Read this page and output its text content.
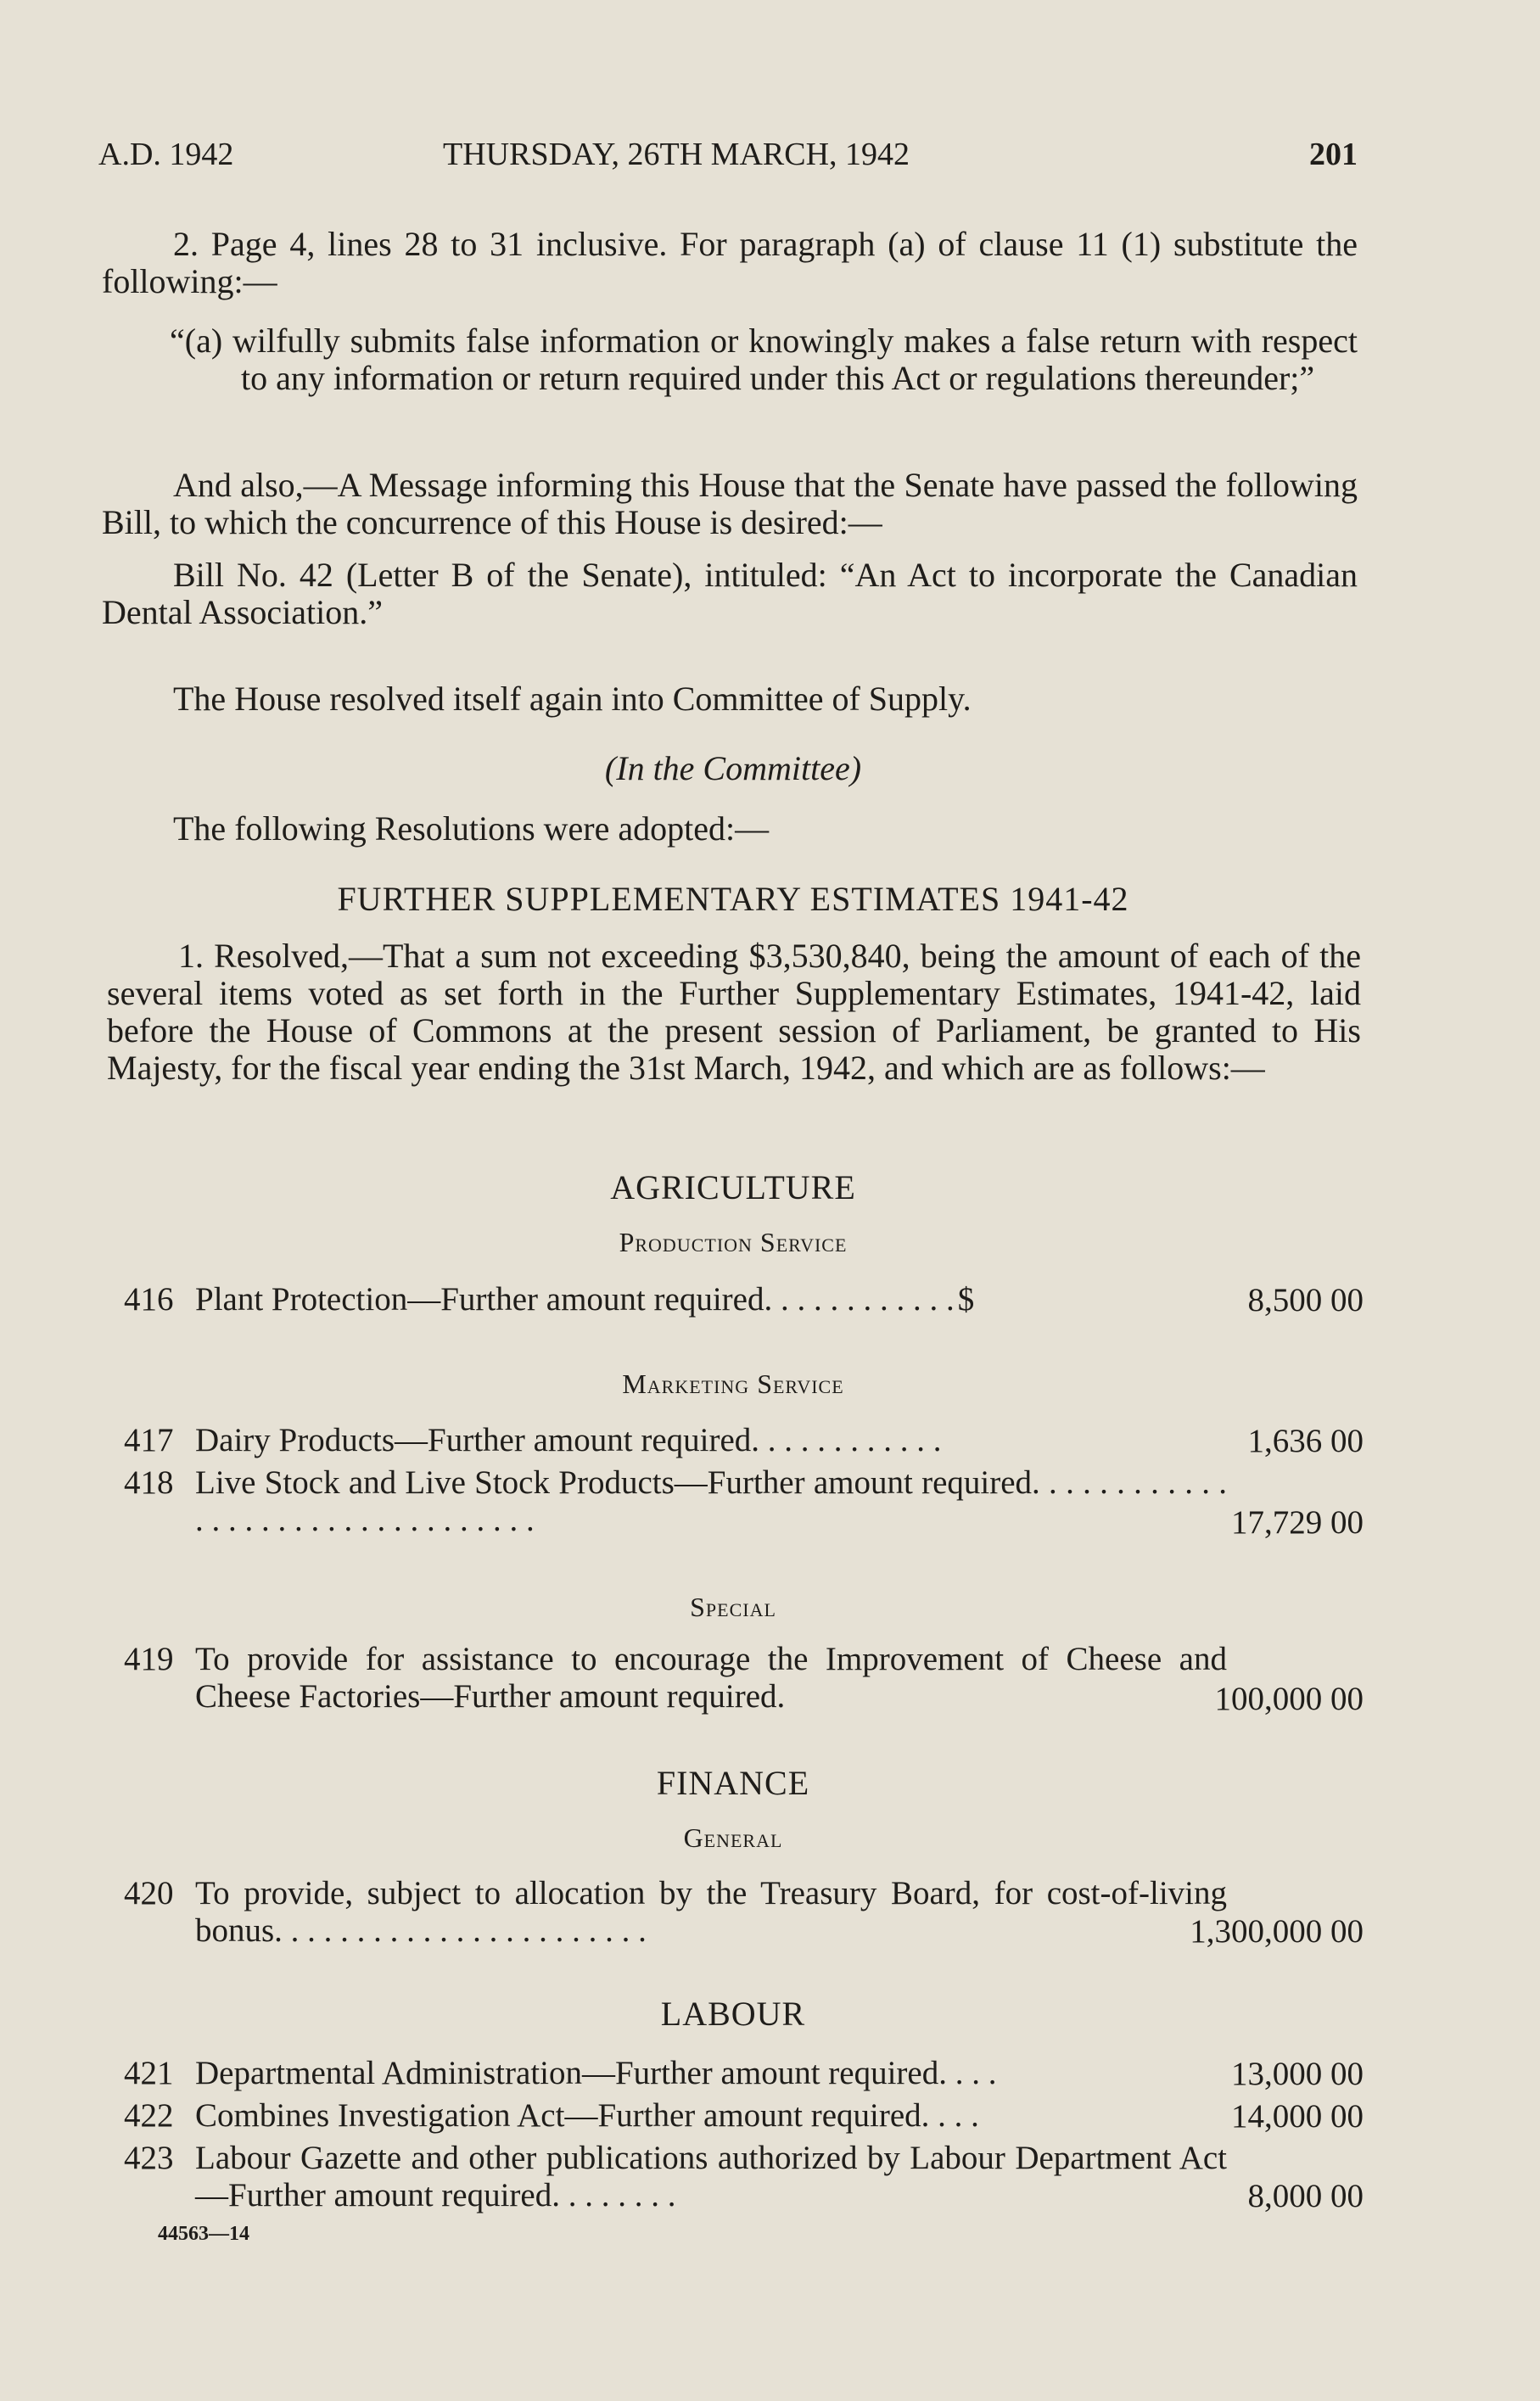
A.D. 1942	THURSDAY, 26TH MARCH, 1942	201

2. Page 4, lines 28 to 31 inclusive. For paragraph (a) of clause 11 (1) substitute the following:—

“(a) wilfully submits false information or knowingly makes a false return with respect to any information or return required under this Act or regulations thereunder;”

And also,—A Message informing this House that the Senate have passed the following Bill, to which the concurrence of this House is desired:—

Bill No. 42 (Letter B of the Senate), intituled: “An Act to incorporate the Canadian Dental Association.”

The House resolved itself again into Committee of Supply.
(In the Committee)
The following Resolutions were adopted:—
FURTHER SUPPLEMENTARY ESTIMATES 1941-42

1. Resolved,—That a sum not exceeding $3,530,840, being the amount of each of the several items voted as set forth in the Further Supplementary Estimates, 1941-42, laid before the House of Commons at the present session of Parliament, be granted to His Majesty, for the fiscal year ending the 31st March, 1942, and which are as follows:—

AGRICULTURE
Production Service
416 Plant Protection—Further amount required. . . . . . . . . . . . $	8,500 00
Marketing Service
417 Dairy Products—Further amount required. . . . . . . . . . . .	1,636 00
418 Live Stock and Live Stock Products—Further amount required. . . . . . . . . . . . . . . . . . . . . . . . . . . . . . . . .	17,729 00
Special
419 To provide for assistance to encourage the Improvement of Cheese and Cheese Factories—Further amount required.	100,000 00
FINANCE
General
420 To provide, subject to allocation by the Treasury Board, for cost-of-living bonus. . . . . . . . . . . . . . . . . . . . . . .	1,300,000 00
LABOUR
421 Departmental Administration—Further amount required. . . .	13,000 00
422 Combines Investigation Act—Further amount required. . . .	14,000 00
423 Labour Gazette and other publications authorized by Labour Department Act—Further amount required. . . . . . . .	8,000 00
44563—14
